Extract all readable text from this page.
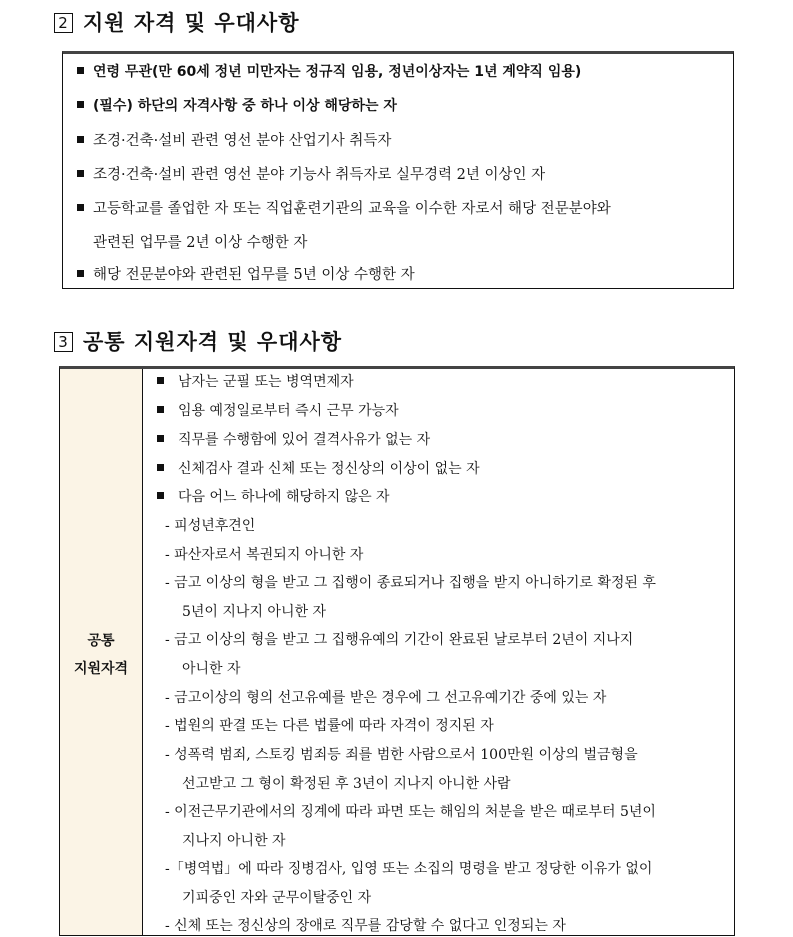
2 지원 자격 및 우대사항
연령 무관(만 60세 정년 미만자는 정규직 임용, 정년이상자는 1년 계약직 임용)
(필수) 하단의 자격사항 중 하나 이상 해당하는 자
조경·건축·설비 관련 영선 분야 산업기사 취득자
조경·건축·설비 관련 영선 분야 기능사 취득자로 실무경력 2년 이상인 자
고등학교를 졸업한 자 또는 직업훈련기관의 교육을 이수한 자로서 해당 전문분야와
관련된 업무를 2년 이상 수행한 자
해당 전문분야와 관련된 업무를 5년 이상 수행한 자
3 공통 지원자격 및 우대사항
공통
지원자격
남자는 군필 또는 병역면제자
임용 예정일로부터 즉시 근무 가능자
직무를 수행함에 있어 결격사유가 없는 자
신체검사 결과 신체 또는 정신상의 이상이 없는 자
다음 어느 하나에 해당하지 않은 자
- 피성년후견인
- 파산자로서 복권되지 아니한 자
- 금고 이상의 형을 받고 그 집행이 종료되거나 집행을 받지 아니하기로 확정된 후
5년이 지나지 아니한 자
- 금고 이상의 형을 받고 그 집행유예의 기간이 완료된 날로부터 2년이 지나지
아니한 자
- 금고이상의 형의 선고유예를 받은 경우에 그 선고유예기간 중에 있는 자
- 법원의 판결 또는 다른 법률에 따라 자격이 정지된 자
- 성폭력 범죄, 스토킹 범죄등 죄를 범한 사람으로서 100만원 이상의 벌금형을
선고받고 그 형이 확정된 후 3년이 지나지 아니한 사람
- 이전근무기관에서의 징계에 따라 파면 또는 해임의 처분을 받은 때로부터 5년이
지나지 아니한 자
-「병역법」에 따라 징병검사, 입영 또는 소집의 명령을 받고 정당한 이유가 없이
기피중인 자와 군무이탈중인 자
- 신체 또는 정신상의 장애로 직무를 감당할 수 없다고 인정되는 자
